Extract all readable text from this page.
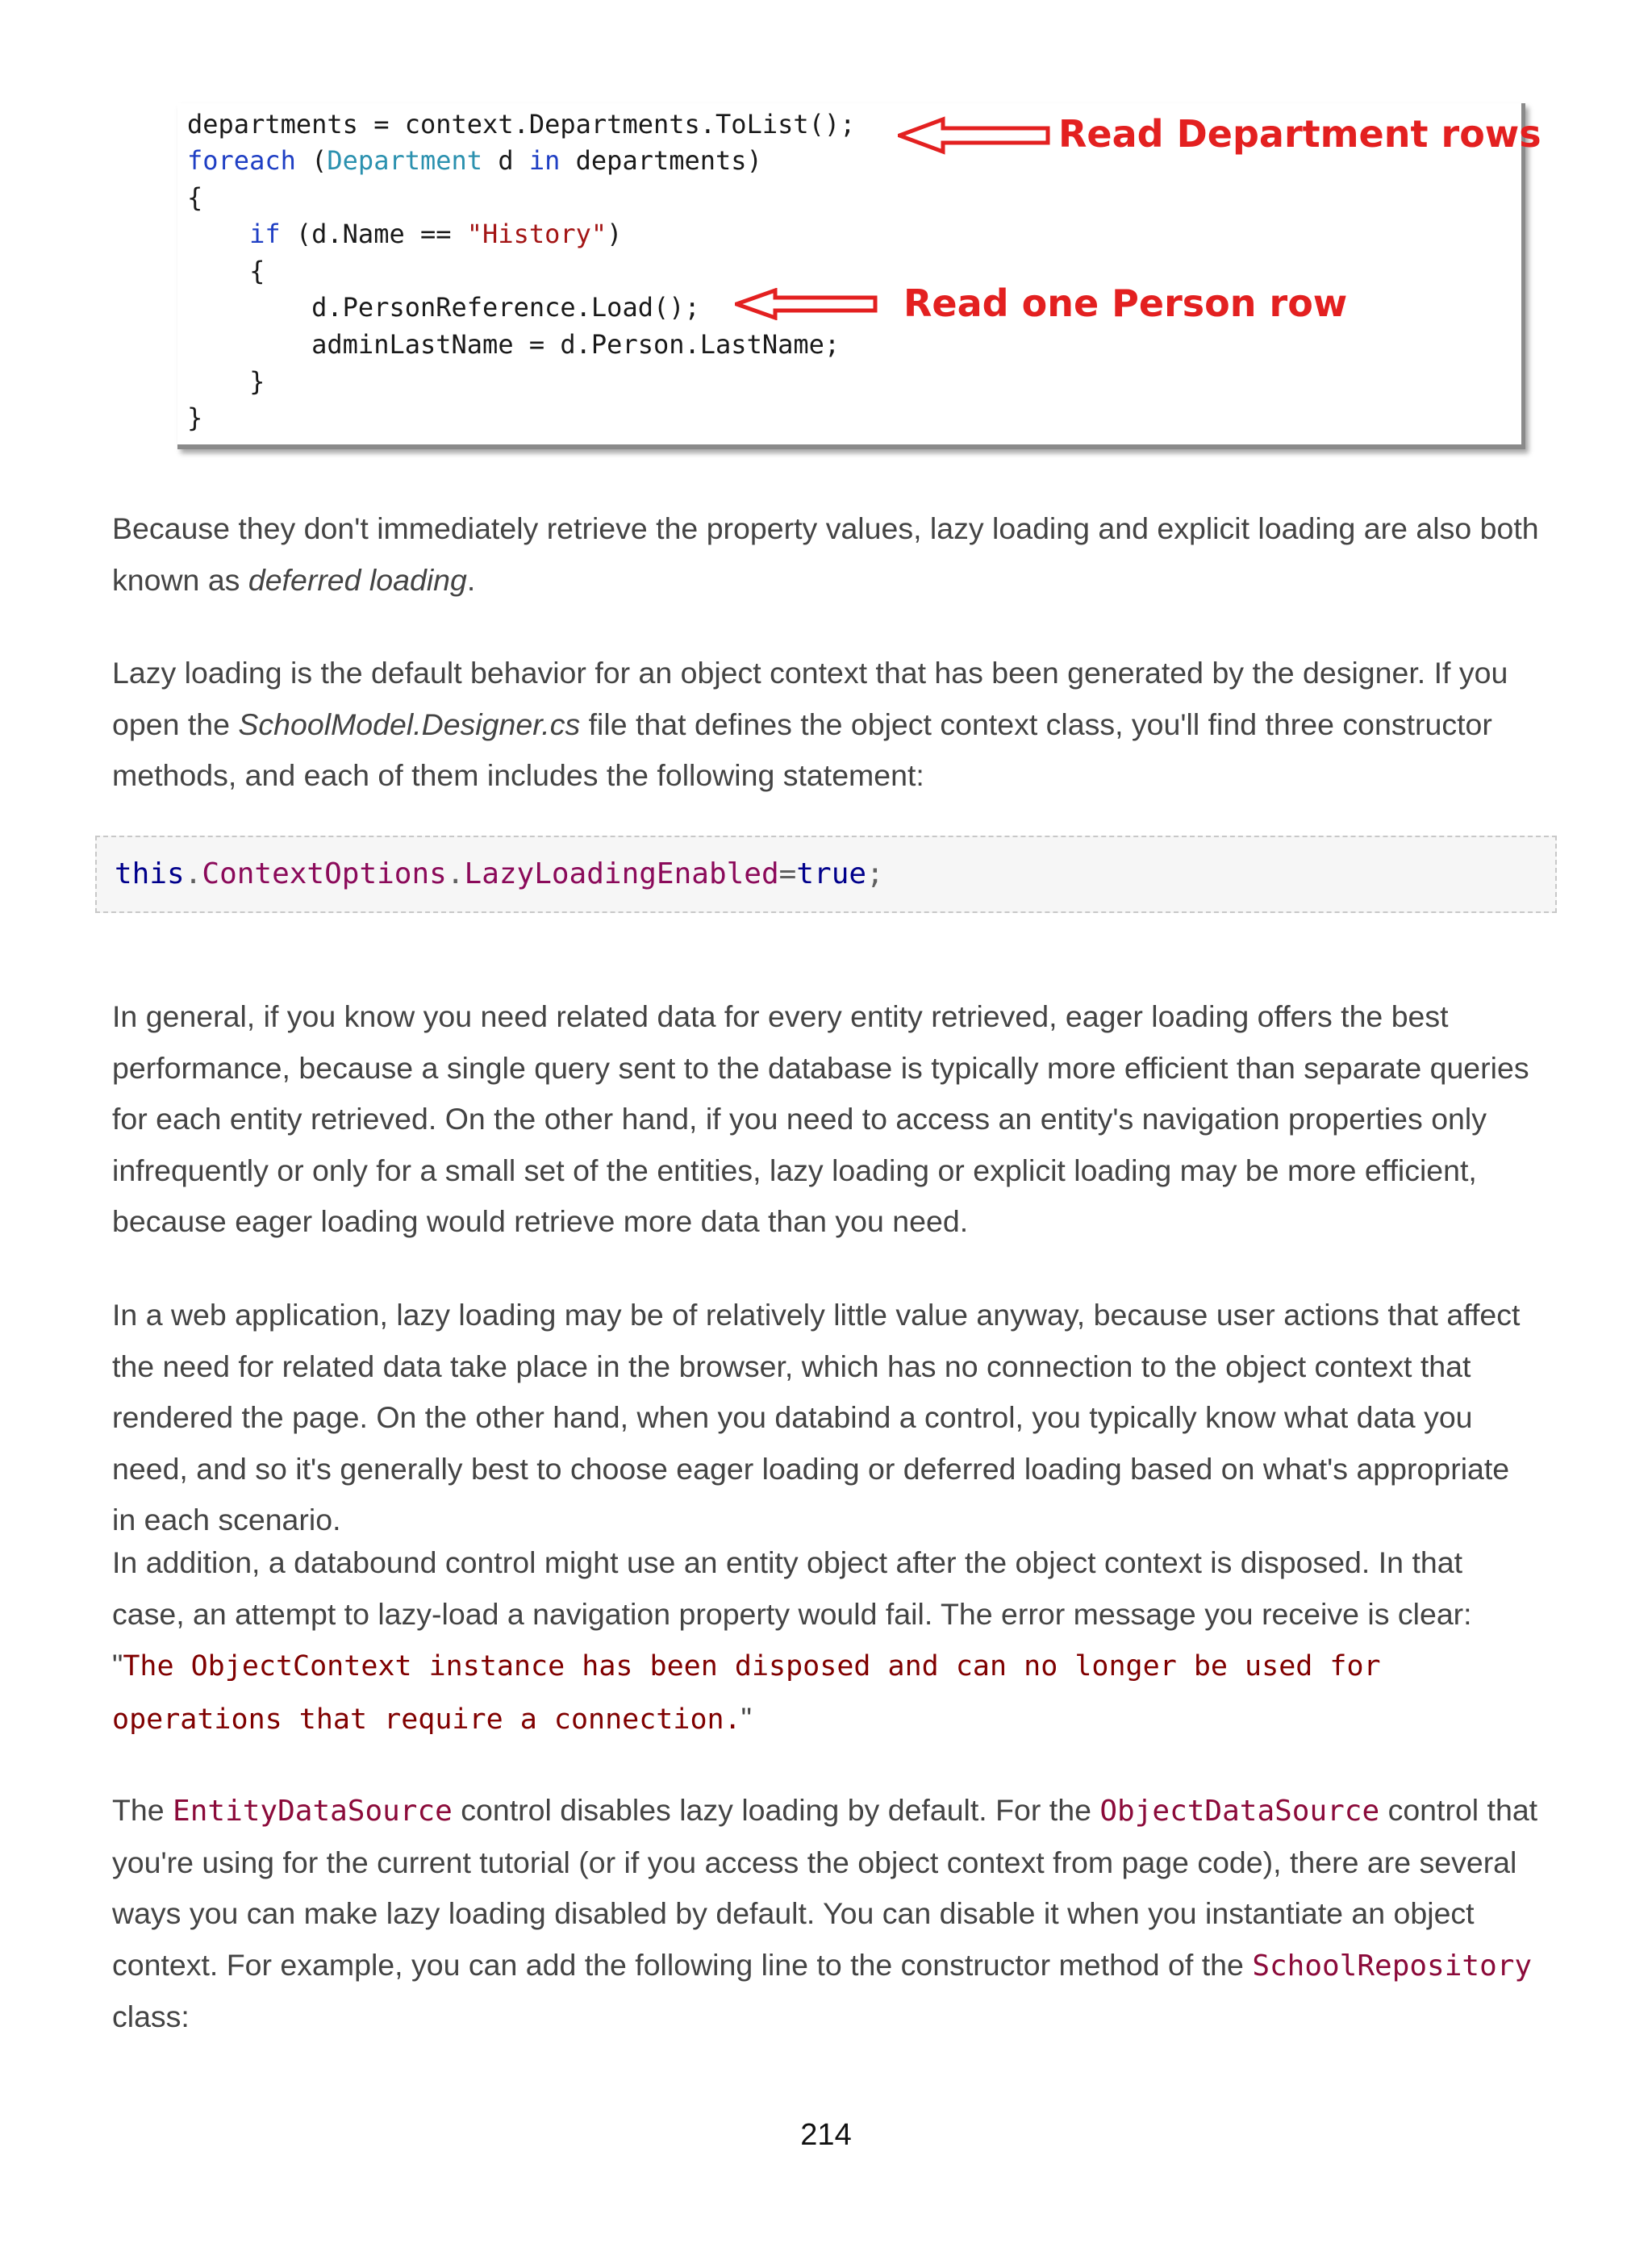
departments = context.Departments.ToList();
foreach (Department d in departments)
{
if (d.Name == "History")
{
d.PersonReference.Load();
adminLastName = d.Person.LastName;
}
}
Read Department rows
Read one Person row

Because they don't immediately retrieve the property values, lazy loading and explicit loading are also both known as deferred loading.

Lazy loading is the default behavior for an object context that has been generated by the designer. If you open the SchoolModel.Designer.cs file that defines the object context class, you'll find three constructor methods, and each of them includes the following statement:

this.ContextOptions.LazyLoadingEnabled=true;

In general, if you know you need related data for every entity retrieved, eager loading offers the best performance, because a single query sent to the database is typically more efficient than separate queries for each entity retrieved. On the other hand, if you need to access an entity's navigation properties only infrequently or only for a small set of the entities, lazy loading or explicit loading may be more efficient, because eager loading would retrieve more data than you need.

In a web application, lazy loading may be of relatively little value anyway, because user actions that affect the need for related data take place in the browser, which has no connection to the object context that rendered the page. On the other hand, when you databind a control, you typically know what data you need, and so it's generally best to choose eager loading or deferred loading based on what's appropriate in each scenario.

In addition, a databound control might use an entity object after the object context is disposed. In that case, an attempt to lazy-load a navigation property would fail. The error message you receive is clear: "The ObjectContext instance has been disposed and can no longer be used for operations that require a connection."

The EntityDataSource control disables lazy loading by default. For the ObjectDataSource control that you're using for the current tutorial (or if you access the object context from page code), there are several ways you can make lazy loading disabled by default. You can disable it when you instantiate an object context. For example, you can add the following line to the constructor method of the SchoolRepository class:

214
